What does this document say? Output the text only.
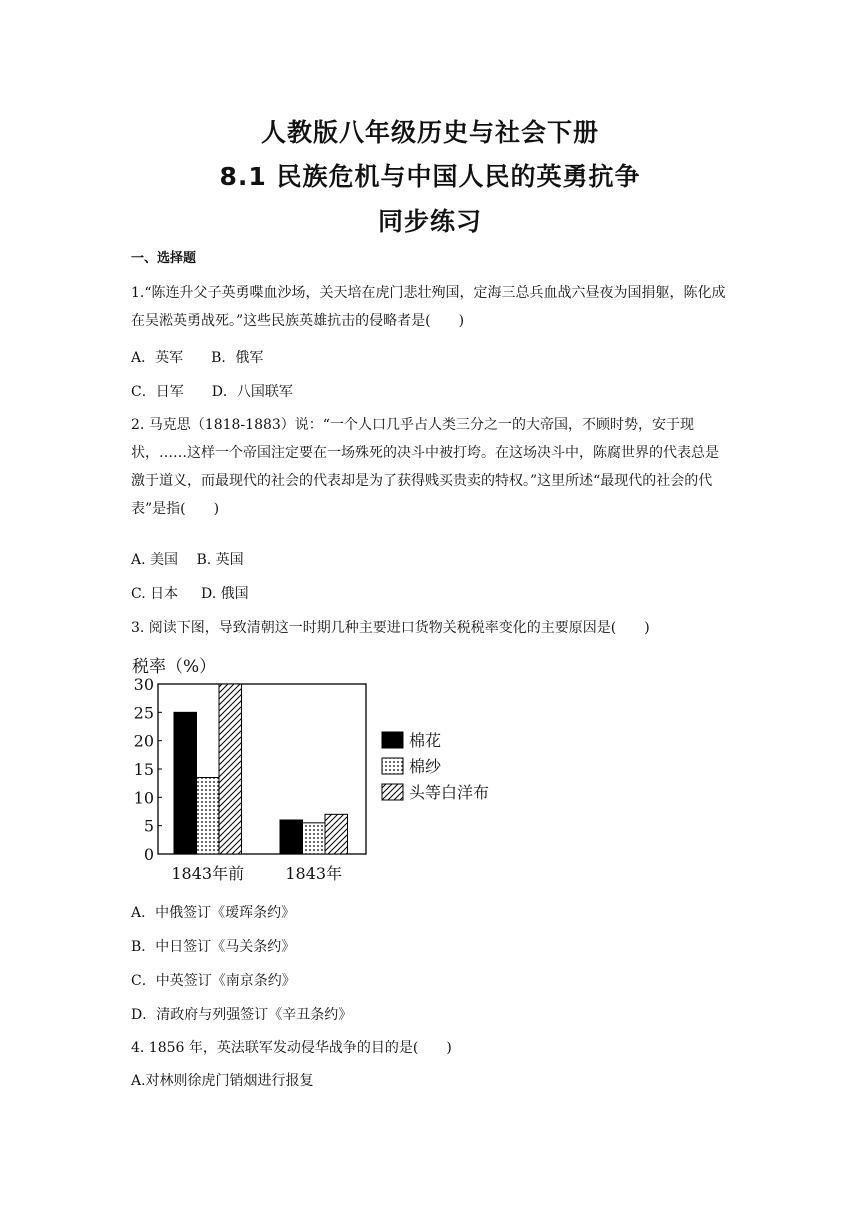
人教版八年级历史与社会下册
8.1 民族危机与中国人民的英勇抗争
同步练习
一、选择题
1.“陈连升父子英勇喋血沙场，关天培在虎门悲壮殉国，定海三总兵血战六昼夜为国捐躯，陈化成在吴淞英勇战死。”这些民族英雄抗击的侵略者是(　　)
A．英军　　B．俄军
C．日军　　D．八国联军
2. 马克思（1818-1883）说：“一个人口几乎占人类三分之一的大帝国，不顾时势，安于现状，……这样一个帝国注定要在一场殊死的决斗中被打垮。在这场决斗中，陈腐世界的代表总是激于道义，而最现代的社会的代表却是为了获得贱买贵卖的特权。”这里所述“最现代的社会的代表”是指(　　)
A. 美国　 B. 英国
C. 日本　  D. 俄国
3. 阅读下图，导致清朝这一时期几种主要进口货物关税税率变化的主要原因是(　　)
税率（%）
0
5
10
15
20
25
30
1843年前	1843年
棉花
棉纱
头等白洋布
A．中俄签订《瑷珲条约》
B．中日签订《马关条约》
C．中英签订《南京条约》
D．清政府与列强签订《辛丑条约》
4. 1856 年，英法联军发动侵华战争的目的是(　　)
A.对林则徐虎门销烟进行报复
